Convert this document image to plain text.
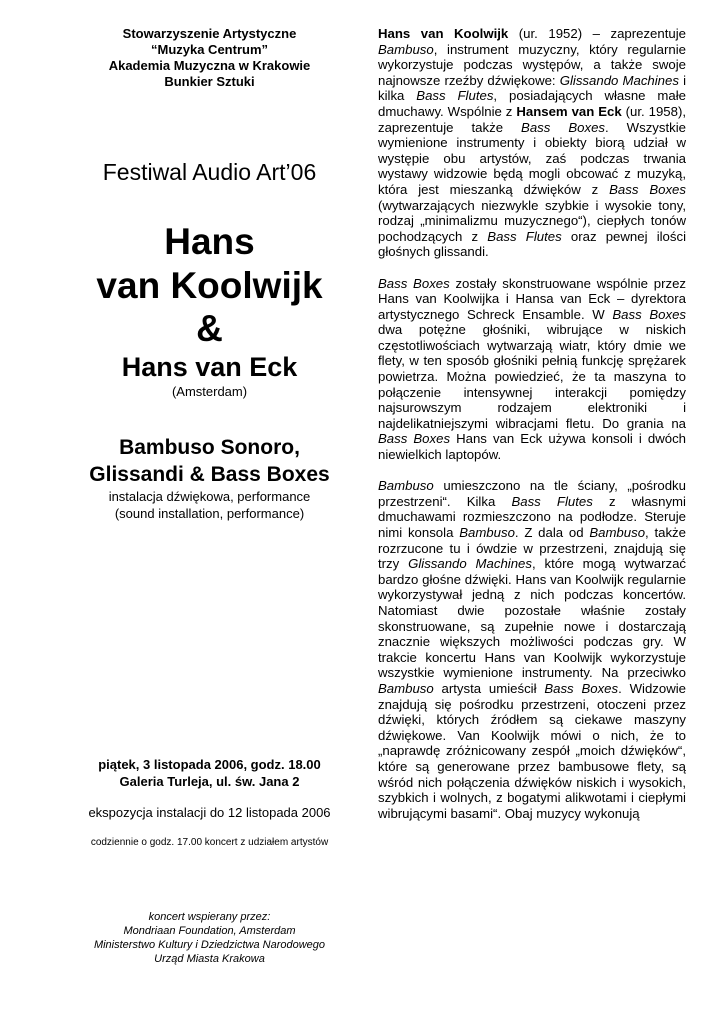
Stowarzyszenie Artystyczne
“Muzyka Centrum”
Akademia Muzyczna w Krakowie
Bunkier Sztuki
Festiwal Audio Art’06
Hans
van Koolwijk
&
Hans van Eck
(Amsterdam)
Bambuso Sonoro,
Glissandi & Bass Boxes
instalacja dźwiękowa, performance
(sound installation, performance)
piątek, 3 listopada 2006, godz. 18.00
Galeria Turleja, ul. św. Jana 2
ekspozycja instalacji do 12 listopada 2006
codziennie o godz. 17.00 koncert z udziałem artystów
koncert wspierany przez:
Mondriaan Foundation, Amsterdam
Ministerstwo Kultury i Dziedzictwa Narodowego
Urząd Miasta Krakowa

Hans van Koolwijk (ur. 1952) – zaprezentuje Bambuso, instrument muzyczny, który regularnie wykorzystuje podczas występów, a także swoje najnowsze rzeźby dźwiękowe: Glissando Machines i kilka Bass Flutes, posiadających własne małe dmuchawy. Wspólnie z Hansem van Eck (ur. 1958), zaprezentuje także Bass Boxes. Wszystkie wymienione instrumenty i obiekty biorą udział w występie obu artystów, zaś podczas trwania wystawy widzowie będą mogli obcować z muzyką, która jest mieszanką dźwięków z Bass Boxes (wytwarzających niezwykle szybkie i wysokie tony, rodzaj „minimalizmu muzycznego“), ciepłych tonów pochodzących z Bass Flutes oraz pewnej ilości głośnych glissandi.

Bass Boxes zostały skonstruowane wspólnie przez Hans van Koolwijka i Hansa van Eck – dyrektora artystycznego Schreck Ensamble. W Bass Boxes dwa potężne głośniki, wibrujące w niskich częstotliwościach wytwarzają wiatr, który dmie we flety, w ten sposób głośniki pełnią funkcję sprężarek powietrza. Można powiedzieć, że ta maszyna to połączenie intensywnej interakcji pomiędzy najsurowszym rodzajem elektroniki i najdelikatniejszymi wibracjami fletu. Do grania na Bass Boxes Hans van Eck używa konsoli i dwóch niewielkich laptopów.

Bambuso umieszczono na tle ściany, „pośrodku przestrzeni“. Kilka Bass Flutes z własnymi dmuchawami rozmieszczono na podłodze. Steruje nimi konsola Bambuso. Z dala od Bambuso, także rozrzucone tu i ówdzie w przestrzeni, znajdują się trzy Glissando Machines, które mogą wytwarzać bardzo głośne dźwięki. Hans van Koolwijk regularnie wykorzystywał jedną z nich podczas koncertów. Natomiast dwie pozostałe właśnie zostały skonstruowane, są zupełnie nowe i dostarczają znacznie większych możliwości podczas gry. W trakcie koncertu Hans van Koolwijk wykorzystuje wszystkie wymienione instrumenty. Na przeciwko Bambuso artysta umieścił Bass Boxes. Widzowie znajdują się pośrodku przestrzeni, otoczeni przez dźwięki, których źródłem są ciekawe maszyny dźwiękowe. Van Koolwijk mówi o nich, że to „naprawdę zróżnicowany zespół „moich dźwięków“, które są generowane przez bambusowe flety, są wśród nich połączenia dźwięków niskich i wysokich, szybkich i wolnych, z bogatymi alikwotami i ciepłymi wibrującymi basami“. Obaj muzycy wykonują
